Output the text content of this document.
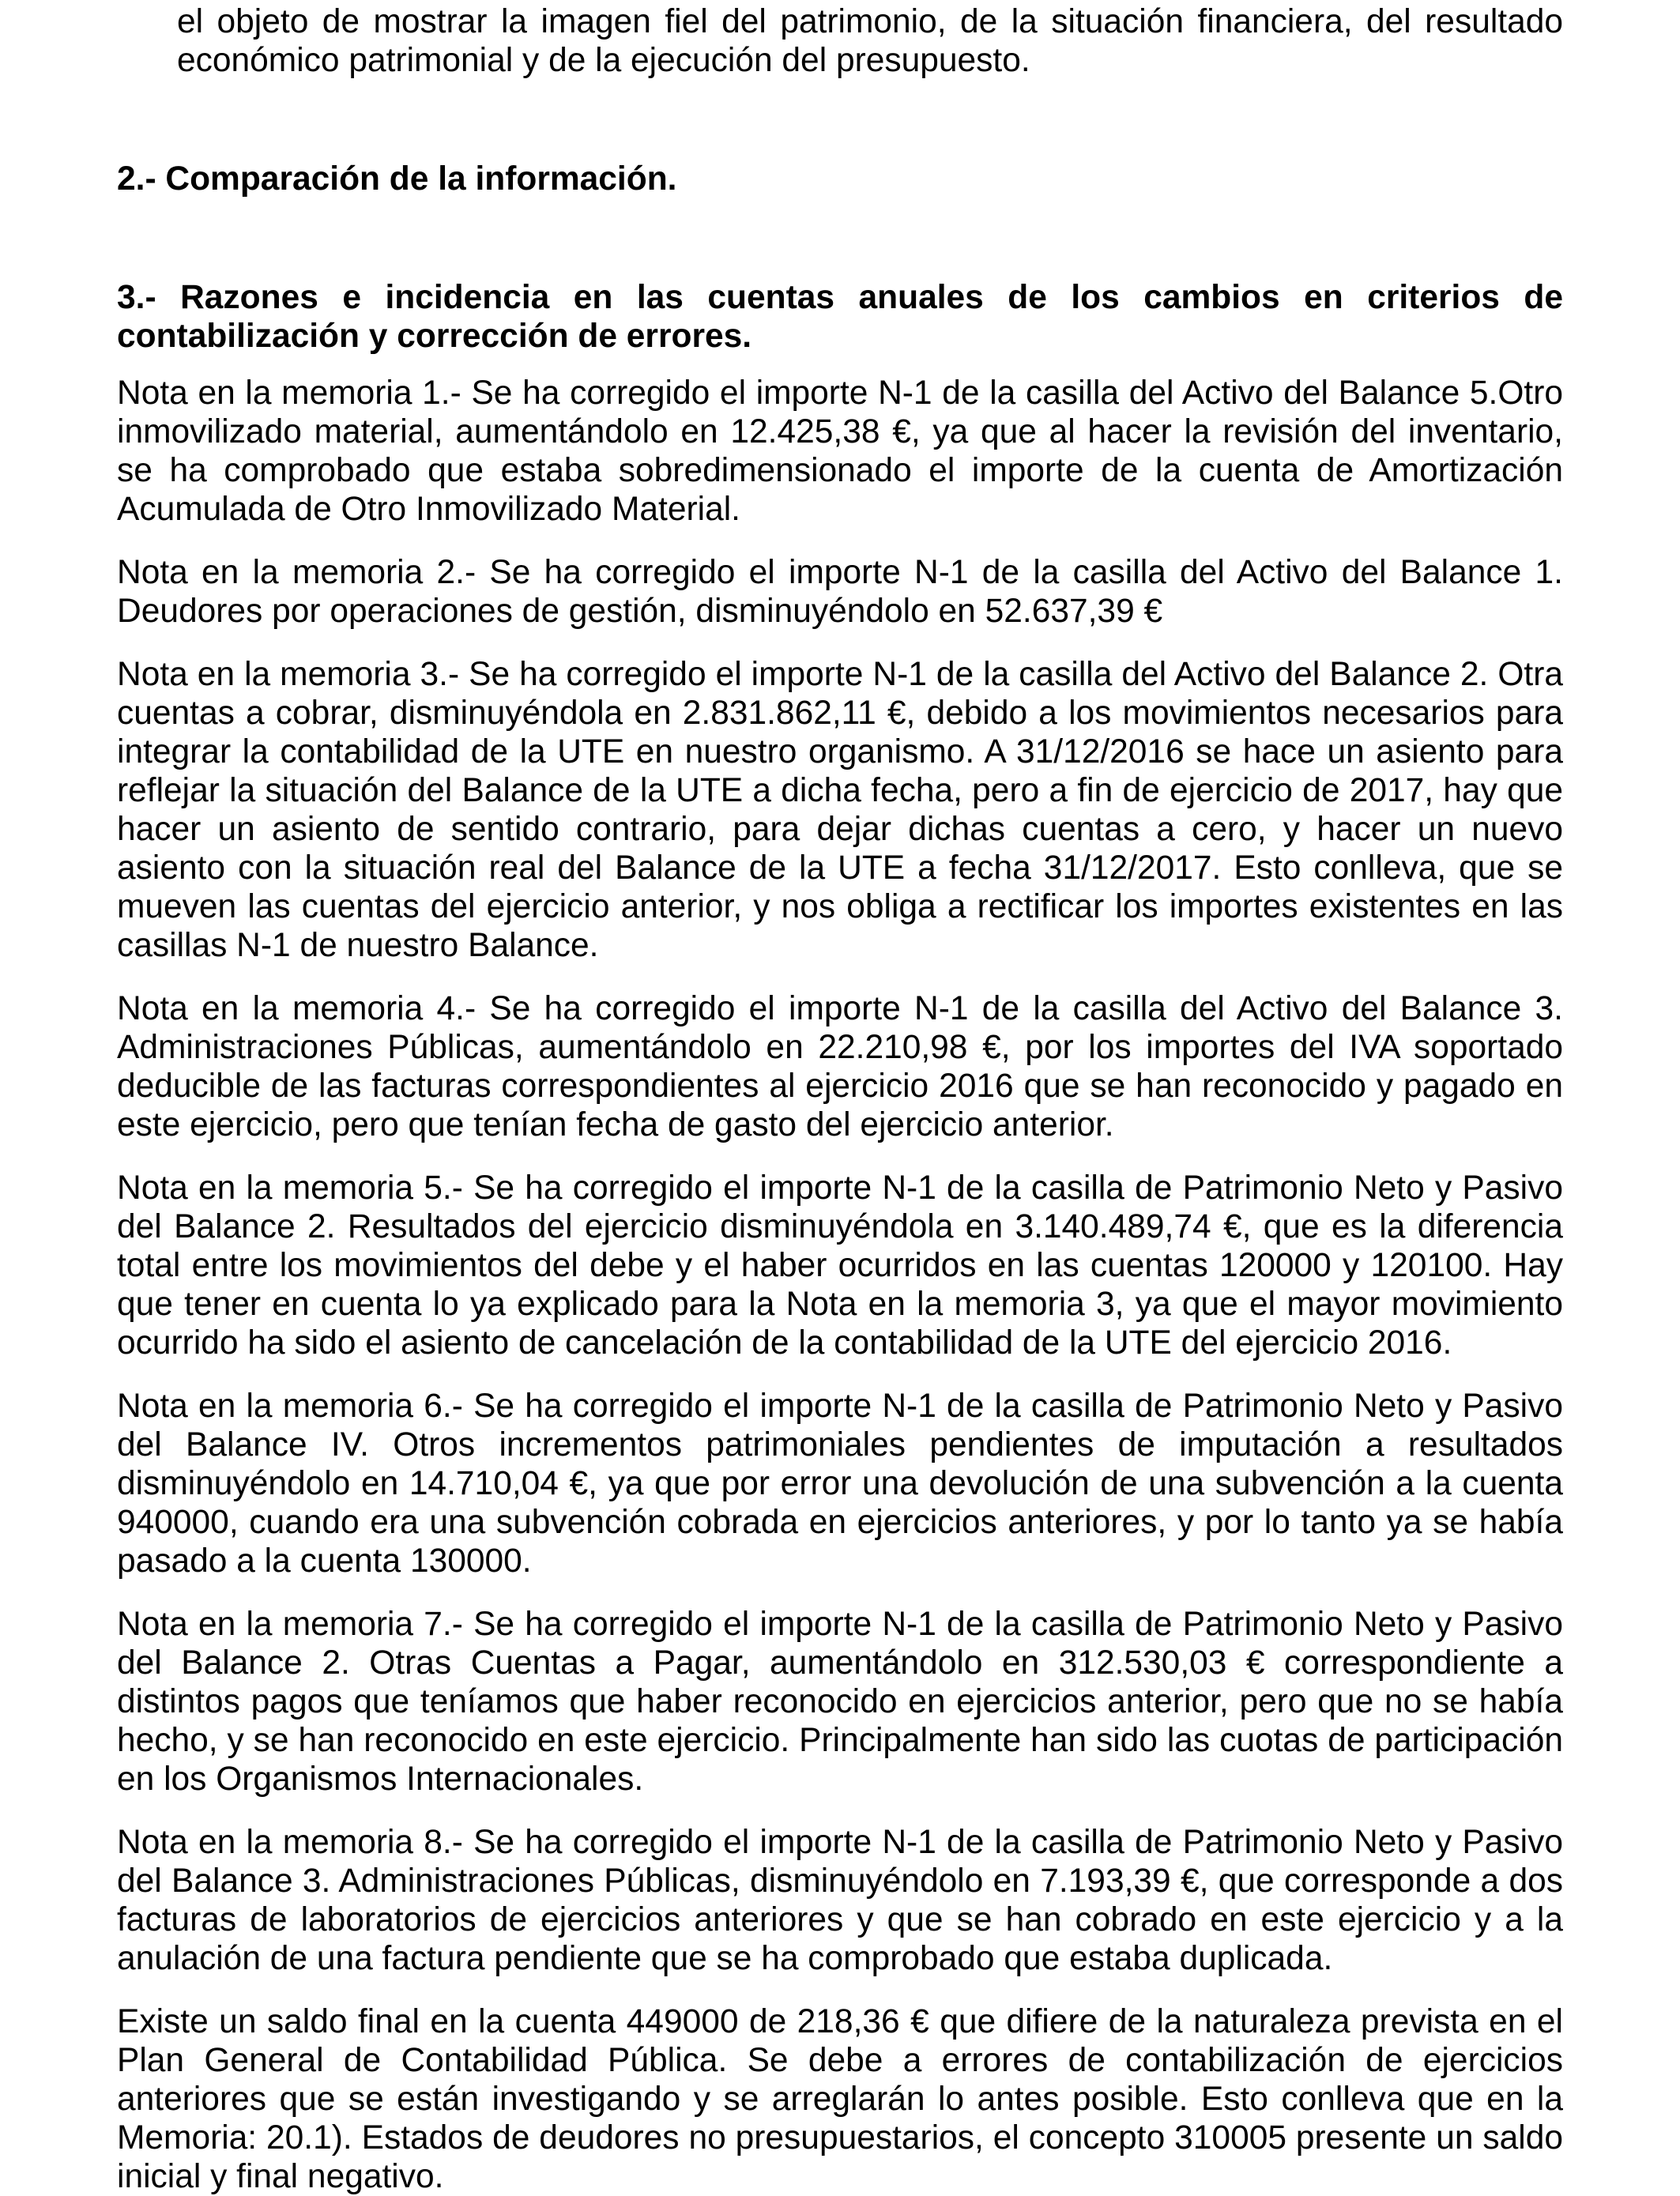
el objeto de mostrar la imagen fiel del patrimonio, de la situación financiera, del resultado económico patrimonial y de la ejecución del presupuesto.

2.- Comparación de la información.

3.- Razones e incidencia en las cuentas anuales de los cambios en criterios de contabilización y corrección de errores.

Nota en la memoria 1.- Se ha corregido el importe N-1 de la casilla del Activo del Balance 5.Otro inmovilizado material, aumentándolo en 12.425,38 €, ya que al hacer la revisión del inventario, se ha comprobado que estaba sobredimensionado el importe de la cuenta de Amortización Acumulada de Otro Inmovilizado Material.

Nota en la memoria 2.- Se ha corregido el importe N-1 de la casilla del Activo del Balance 1. Deudores por operaciones de gestión, disminuyéndolo en 52.637,39 €

Nota en la memoria 3.- Se ha corregido el importe N-1 de la casilla del Activo del Balance 2. Otra cuentas a cobrar, disminuyéndola en 2.831.862,11 €, debido a los movimientos necesarios para integrar la contabilidad de la UTE en nuestro organismo. A 31/12/2016 se hace un asiento para reflejar la situación del Balance de la UTE a dicha fecha, pero a fin de ejercicio de 2017, hay que hacer un asiento de sentido contrario, para dejar dichas cuentas a cero, y hacer un nuevo asiento con la situación real del Balance de la UTE a fecha 31/12/2017. Esto conlleva, que se mueven las cuentas del ejercicio anterior, y nos obliga a rectificar los importes existentes en las casillas N-1 de nuestro Balance.

Nota en la memoria 4.- Se ha corregido el importe N-1 de la casilla del Activo del Balance 3. Administraciones Públicas, aumentándolo en 22.210,98 €, por los importes del IVA soportado deducible de las facturas correspondientes al ejercicio 2016 que se han reconocido y pagado en este ejercicio, pero que tenían fecha de gasto del ejercicio anterior.

Nota en la memoria 5.- Se ha corregido el importe N-1 de la casilla de Patrimonio Neto y Pasivo del Balance 2. Resultados del ejercicio disminuyéndola en 3.140.489,74 €, que es la diferencia total entre los movimientos del debe y el haber ocurridos en las cuentas 120000 y 120100. Hay que tener en cuenta lo ya explicado para la Nota en la memoria 3, ya que el mayor movimiento ocurrido ha sido el asiento de cancelación de la contabilidad de la UTE del ejercicio 2016.

Nota en la memoria 6.- Se ha corregido el importe N-1 de la casilla de Patrimonio Neto y Pasivo del Balance IV. Otros incrementos patrimoniales pendientes de imputación a resultados disminuyéndolo en 14.710,04 €, ya que por error una devolución de una subvención a la cuenta 940000, cuando era una subvención cobrada en ejercicios anteriores, y por lo tanto ya se había pasado a la cuenta 130000.

Nota en la memoria 7.- Se ha corregido el importe N-1 de la casilla de Patrimonio Neto y Pasivo del Balance 2. Otras Cuentas a Pagar, aumentándolo en 312.530,03 € correspondiente a distintos pagos que teníamos que haber reconocido en ejercicios anterior, pero que no se había hecho, y se han reconocido en este ejercicio. Principalmente han sido las cuotas de participación en los Organismos Internacionales.

Nota en la memoria 8.- Se ha corregido el importe N-1 de la casilla de Patrimonio Neto y Pasivo del Balance 3. Administraciones Públicas, disminuyéndolo en 7.193,39 €, que corresponde a dos facturas de laboratorios de ejercicios anteriores y que se han cobrado en este ejercicio y a la anulación de una factura pendiente que se ha comprobado que estaba duplicada.

Existe un saldo final en la cuenta 449000 de 218,36 € que difiere de la naturaleza prevista en el Plan General de Contabilidad Pública. Se debe a errores de contabilización de ejercicios anteriores que se están investigando y se arreglarán lo antes posible. Esto conlleva que en la Memoria: 20.1). Estados de deudores no presupuestarios, el concepto 310005 presente un saldo inicial y final negativo.
